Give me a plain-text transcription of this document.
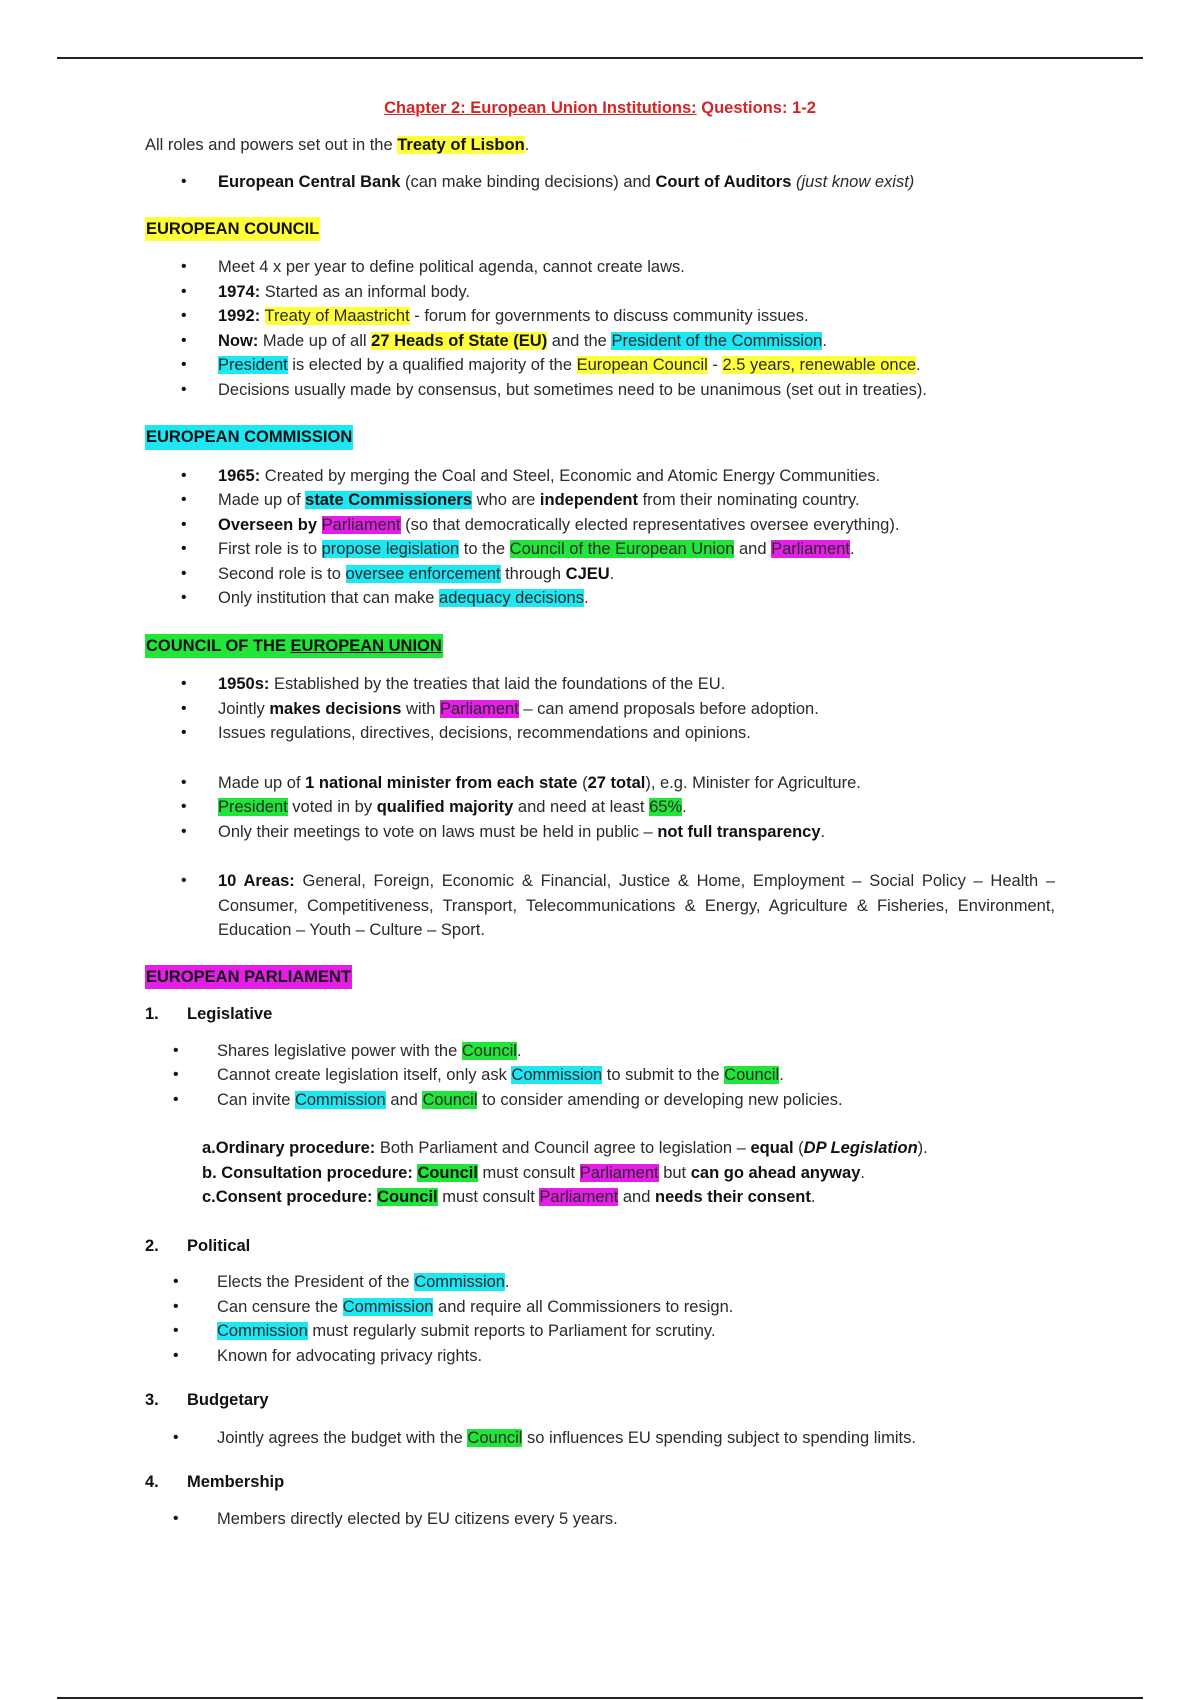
Chapter 2: European Union Institutions: Questions: 1-2

All roles and powers set out in the Treaty of Lisbon.

• European Central Bank (can make binding decisions) and Court of Auditors (just know exist)

EUROPEAN COUNCIL

• Meet 4 x per year to define political agenda, cannot create laws.
• 1974: Started as an informal body.
• 1992: Treaty of Maastricht - forum for governments to discuss community issues.
• Now: Made up of all 27 Heads of State (EU) and the President of the Commission.
• President is elected by a qualified majority of the European Council - 2.5 years, renewable once.
• Decisions usually made by consensus, but sometimes need to be unanimous (set out in treaties).

EUROPEAN COMMISSION

• 1965: Created by merging the Coal and Steel, Economic and Atomic Energy Communities.
• Made up of state Commissioners who are independent from their nominating country.
• Overseen by Parliament (so that democratically elected representatives oversee everything).
• First role is to propose legislation to the Council of the European Union and Parliament.
• Second role is to oversee enforcement through CJEU.
• Only institution that can make adequacy decisions.

COUNCIL OF THE EUROPEAN UNION

• 1950s: Established by the treaties that laid the foundations of the EU.
• Jointly makes decisions with Parliament – can amend proposals before adoption.
• Issues regulations, directives, decisions, recommendations and opinions.
• Made up of 1 national minister from each state (27 total), e.g. Minister for Agriculture.
• President voted in by qualified majority and need at least 65%.
• Only their meetings to vote on laws must be held in public – not full transparency.
• 10 Areas: General, Foreign, Economic & Financial, Justice & Home, Employment – Social Policy – Health – Consumer, Competitiveness, Transport, Telecommunications & Energy, Agriculture & Fisheries, Environment, Education – Youth – Culture – Sport.

EUROPEAN PARLIAMENT

1. Legislative

• Shares legislative power with the Council.
• Cannot create legislation itself, only ask Commission to submit to the Council.
• Can invite Commission and Council to consider amending or developing new policies.

a.Ordinary procedure: Both Parliament and Council agree to legislation – equal (DP Legislation).

b. Consultation procedure: Council must consult Parliament but can go ahead anyway.

c.Consent procedure: Council must consult Parliament and needs their consent.

2. Political

• Elects the President of the Commission.
• Can censure the Commission and require all Commissioners to resign.
• Commission must regularly submit reports to Parliament for scrutiny.
• Known for advocating privacy rights.

3. Budgetary

• Jointly agrees the budget with the Council so influences EU spending subject to spending limits.

4. Membership

• Members directly elected by EU citizens every 5 years.
